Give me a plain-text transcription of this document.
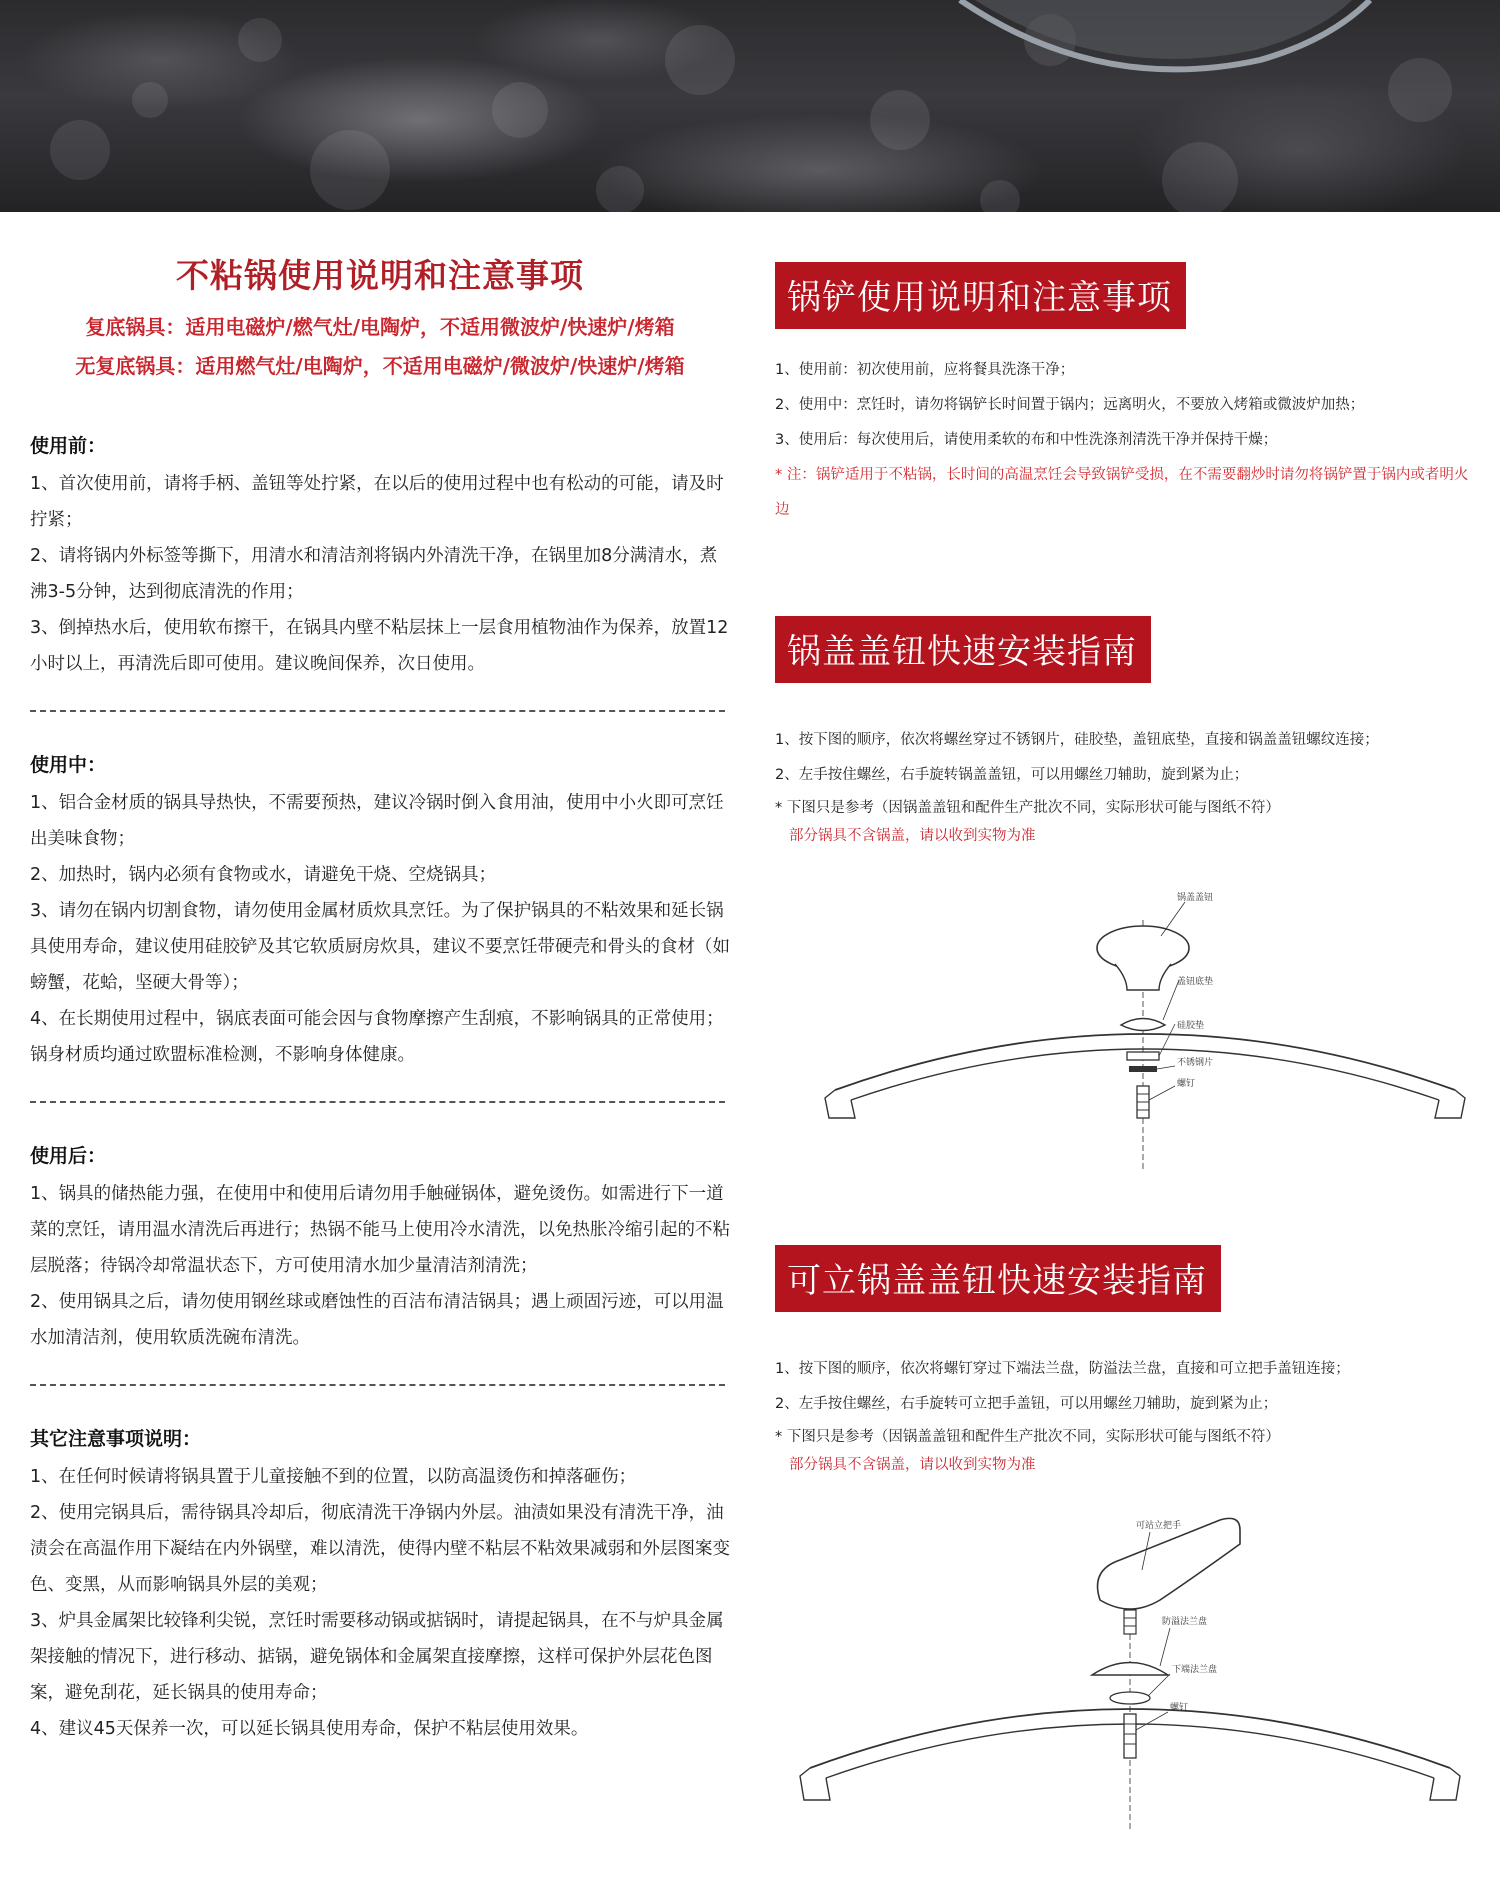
不粘锅使用说明和注意事项
复底锅具：适用电磁炉/燃气灶/电陶炉，不适用微波炉/快速炉/烤箱
无复底锅具：适用燃气灶/电陶炉，不适用电磁炉/微波炉/快速炉/烤箱
使用前：
1、首次使用前，请将手柄、盖钮等处拧紧，在以后的使用过程中也有松动的可能，请及时拧紧；
2、请将锅内外标签等撕下，用清水和清洁剂将锅内外清洗干净，在锅里加8分满清水，煮沸3-5分钟，达到彻底清洗的作用；
3、倒掉热水后，使用软布擦干，在锅具内壁不粘层抹上一层食用植物油作为保养，放置12小时以上，再清洗后即可使用。建议晚间保养，次日使用。
使用中：
1、铝合金材质的锅具导热快，不需要预热，建议冷锅时倒入食用油，使用中小火即可烹饪出美味食物；
2、加热时，锅内必须有食物或水，请避免干烧、空烧锅具；
3、请勿在锅内切割食物，请勿使用金属材质炊具烹饪。为了保护锅具的不粘效果和延长锅具使用寿命，建议使用硅胶铲及其它软质厨房炊具，建议不要烹饪带硬壳和骨头的食材（如螃蟹，花蛤，坚硬大骨等）；
4、在长期使用过程中，锅底表面可能会因与食物摩擦产生刮痕，不影响锅具的正常使用；锅身材质均通过欧盟标准检测，不影响身体健康。
使用后：
1、锅具的储热能力强，在使用中和使用后请勿用手触碰锅体，避免烫伤。如需进行下一道菜的烹饪，请用温水清洗后再进行；热锅不能马上使用冷水清洗，以免热胀冷缩引起的不粘层脱落；待锅冷却常温状态下，方可使用清水加少量清洁剂清洗；
2、使用锅具之后，请勿使用钢丝球或磨蚀性的百洁布清洁锅具；遇上顽固污迹，可以用温水加清洁剂，使用软质洗碗布清洗。
其它注意事项说明：
1、在任何时候请将锅具置于儿童接触不到的位置，以防高温烫伤和掉落砸伤；
2、使用完锅具后，需待锅具冷却后，彻底清洗干净锅内外层。油渍如果没有清洗干净，油渍会在高温作用下凝结在内外锅壁，难以清洗，使得内壁不粘层不粘效果减弱和外层图案变色、变黑，从而影响锅具外层的美观；
3、炉具金属架比较锋利尖锐，烹饪时需要移动锅或掂锅时，请提起锅具，在不与炉具金属架接触的情况下，进行移动、掂锅，避免锅体和金属架直接摩擦，这样可保护外层花色图案，避免刮花，延长锅具的使用寿命；
4、建议45天保养一次，可以延长锅具使用寿命，保护不粘层使用效果。
锅铲使用说明和注意事项
1、使用前：初次使用前，应将餐具洗涤干净；
2、使用中：烹饪时，请勿将锅铲长时间置于锅内；远离明火，不要放入烤箱或微波炉加热；
3、使用后：每次使用后，请使用柔软的布和中性洗涤剂清洗干净并保持干燥；
* 注：锅铲适用于不粘锅，长时间的高温烹饪会导致锅铲受损，在不需要翻炒时请勿将锅铲置于锅内或者明火边
锅盖盖钮快速安装指南
1、按下图的顺序，依次将螺丝穿过不锈钢片，硅胶垫，盖钮底垫，直接和锅盖盖钮螺纹连接；
2、左手按住螺丝，右手旋转锅盖盖钮，可以用螺丝刀辅助，旋到紧为止；
* 下图只是参考（因锅盖盖钮和配件生产批次不同，实际形状可能与图纸不符）
部分锅具不含锅盖，请以收到实物为准
锅盖盖钮
盖钮底垫
硅胶垫
不锈钢片
螺钉
可立锅盖盖钮快速安装指南
1、按下图的顺序，依次将螺钉穿过下端法兰盘，防溢法兰盘，直接和可立把手盖钮连接；
2、左手按住螺丝，右手旋转可立把手盖钮，可以用螺丝刀辅助，旋到紧为止；
* 下图只是参考（因锅盖盖钮和配件生产批次不同，实际形状可能与图纸不符）
部分锅具不含锅盖，请以收到实物为准
可站立把手
防溢法兰盘
下端法兰盘
螺钉
